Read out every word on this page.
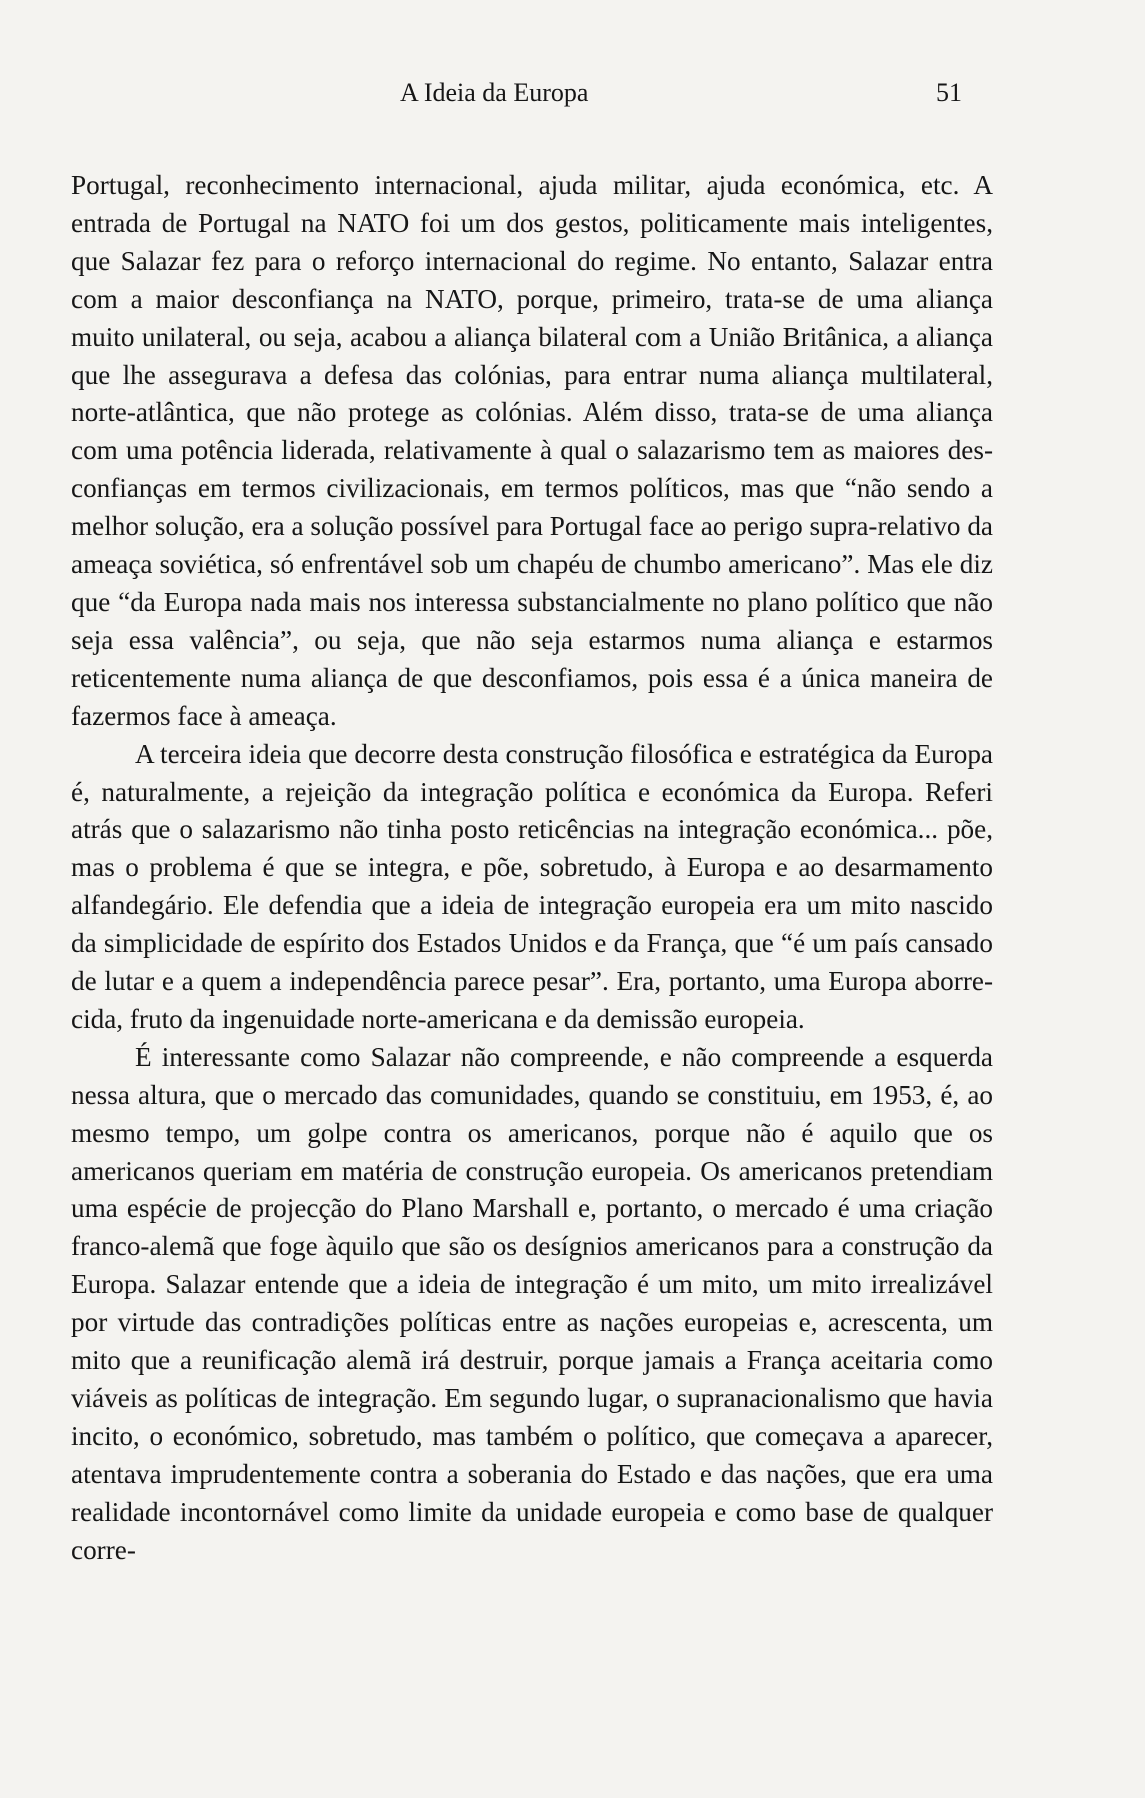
A Ideia da Europa	51

Portugal, reconhecimento internacional, ajuda militar, ajuda económica, etc. A entrada de Portugal na NATO foi um dos gestos, politicamente mais inteligentes, que Salazar fez para o reforço internacional do regime. No entanto, Salazar entra com a maior desconfiança na NATO, porque, primeiro, trata-se de uma aliança muito unilateral, ou seja, acabou a aliança bilateral com a União Britânica, a aliança que lhe assegurava a defesa das colónias, para entrar numa aliança multilateral, norte-atlântica, que não protege as colónias. Além disso, trata-se de uma aliança com uma potência liderada, relativamente à qual o salazarismo tem as maiores desconfianças em termos civilizacionais, em termos políticos, mas que “não sendo a melhor solução, era a solução possível para Portugal face ao perigo supra-relativo da ameaça soviética, só enfrentável sob um chapéu de chumbo americano”. Mas ele diz que “da Europa nada mais nos interessa substancialmente no plano político que não seja essa valência”, ou seja, que não seja estarmos numa aliança e estarmos reticentemente numa aliança de que desconfiamos, pois essa é a única maneira de fazermos face à ameaça.

A terceira ideia que decorre desta construção filosófica e estratégica da Europa é, naturalmente, a rejeição da integração política e económica da Europa. Referi atrás que o salazarismo não tinha posto reticências na integração económica... põe, mas o problema é que se integra, e põe, sobretudo, à Europa e ao desarmamento alfandegário. Ele defendia que a ideia de integração europeia era um mito nascido da simplicidade de espírito dos Estados Unidos e da França, que “é um país cansado de lutar e a quem a independência parece pesar”. Era, portanto, uma Europa aborrecida, fruto da ingenuidade norte-americana e da demissão europeia.

É interessante como Salazar não compreende, e não compreende a esquerda nessa altura, que o mercado das comunidades, quando se constituiu, em 1953, é, ao mesmo tempo, um golpe contra os americanos, porque não é aquilo que os americanos queriam em matéria de construção europeia. Os americanos pretendiam uma espécie de projecção do Plano Marshall e, portanto, o mercado é uma criação franco-alemã que foge àquilo que são os desígnios americanos para a construção da Europa. Salazar entende que a ideia de integração é um mito, um mito irrealizável por virtude das contradições políticas entre as nações europeias e, acrescenta, um mito que a reunificação alemã irá destruir, porque jamais a França aceitaria como viáveis as políticas de integração. Em segundo lugar, o supranacionalismo que havia incito, o económico, sobretudo, mas também o político, que começava a aparecer, atentava imprudentemente contra a soberania do Estado e das nações, que era uma realidade incontornável como limite da unidade europeia e como base de qualquer corre-
